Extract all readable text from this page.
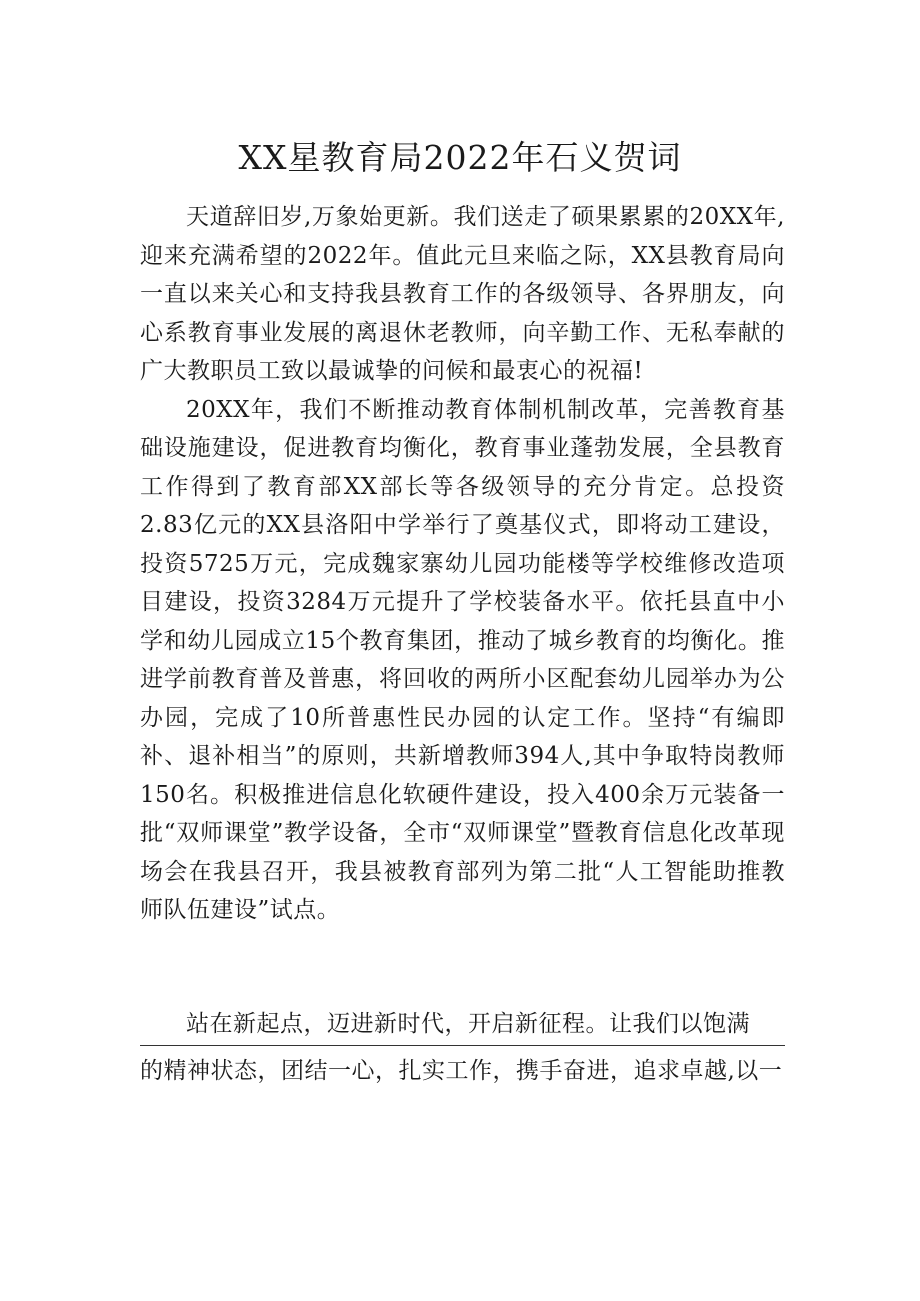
XX星教育局2022年石义贺词

天道辞旧岁,万象始更新。我们送走了硕果累累的20XX年,迎来充满希望的2022年。值此元旦来临之际，XX县教育局向一直以来关心和支持我县教育工作的各级领导、各界朋友，向心系教育事业发展的离退休老教师，向辛勤工作、无私奉献的广大教职员工致以最诚挚的问候和最衷心的祝福!

20XX年，我们不断推动教育体制机制改革，完善教育基础设施建设，促进教育均衡化，教育事业蓬勃发展，全县教育工作得到了教育部XX部长等各级领导的充分肯定。总投资2.83亿元的XX县洛阳中学举行了奠基仪式，即将动工建设，投资5725万元，完成魏家寨幼儿园功能楼等学校维修改造项目建设，投资3284万元提升了学校装备水平。依托县直中小学和幼儿园成立15个教育集团，推动了城乡教育的均衡化。推进学前教育普及普惠，将回收的两所小区配套幼儿园举办为公办园，完成了10所普惠性民办园的认定工作。坚持“有编即补、退补相当”的原则，共新增教师394人,其中争取特岗教师150名。积极推进信息化软硬件建设，投入400余万元装备一批“双师课堂”教学设备，全市“双师课堂”暨教育信息化改革现场会在我县召开，我县被教育部列为第二批“人工智能助推教师队伍建设”试点。

站在新起点，迈进新时代，开启新征程。让我们以饱满
的精神状态，团结一心，扎实工作，携手奋进，追求卓越,以一
